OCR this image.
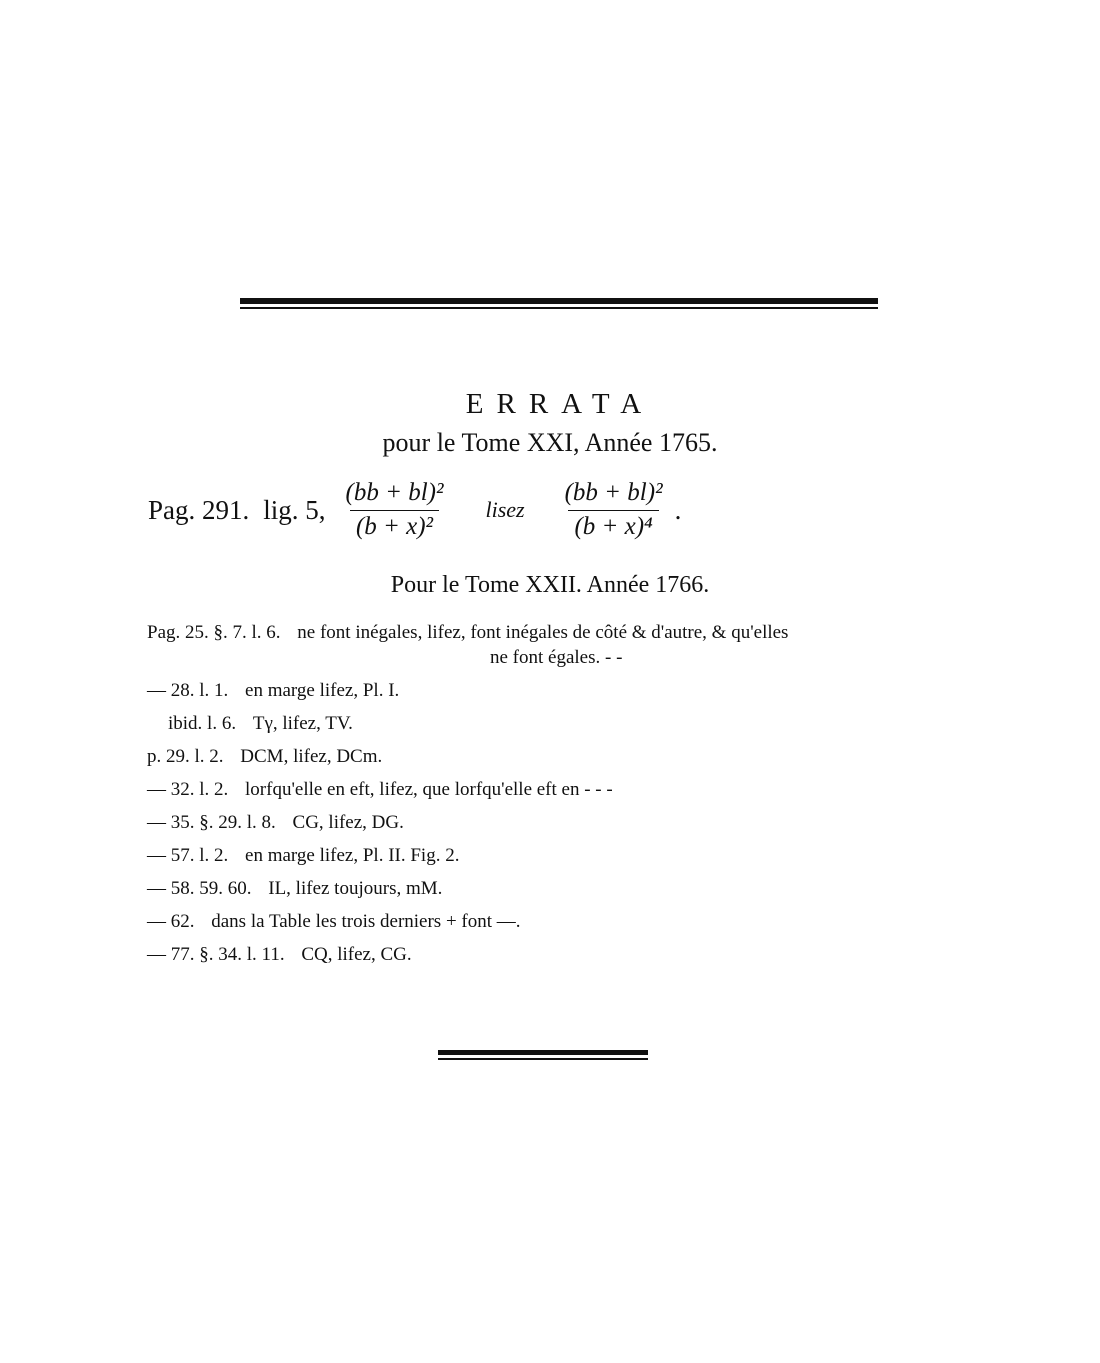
ERRATA
pour le Tome XXI, Année 1765.
Pag. 291. lig. 5, $\frac{\text{(bb + bl)²}}{\text{(b + x)²}}$ lisez $\frac{\text{(bb + bl)²}}{\text{(b + x)⁴}}$ .
Pour le Tome XXII. Année 1766.
Pag. 25. §. 7. l. 6. ne font inégales, lifez, font inégales de côté & d'autre, & qu'elles
ne font égales. - -
— 28. l. 1. en marge lifez, Pl. I.
ibid. l. 6. Tγ, lifez, TV.
p. 29. l. 2. DCM, lifez, DCm.
— 32. l. 2. lorfqu'elle en eft, lifez, que lorfqu'elle eft en - - -
— 35. §. 29. l. 8. CG, lifez, DG.
— 57. l. 2. en marge lifez, Pl. II. Fig. 2.
— 58. 59. 60. IL, lifez toujours, mM.
— 62. dans la Table les trois derniers + font —.
— 77. §. 34. l. 11. CQ, lifez, CG.
